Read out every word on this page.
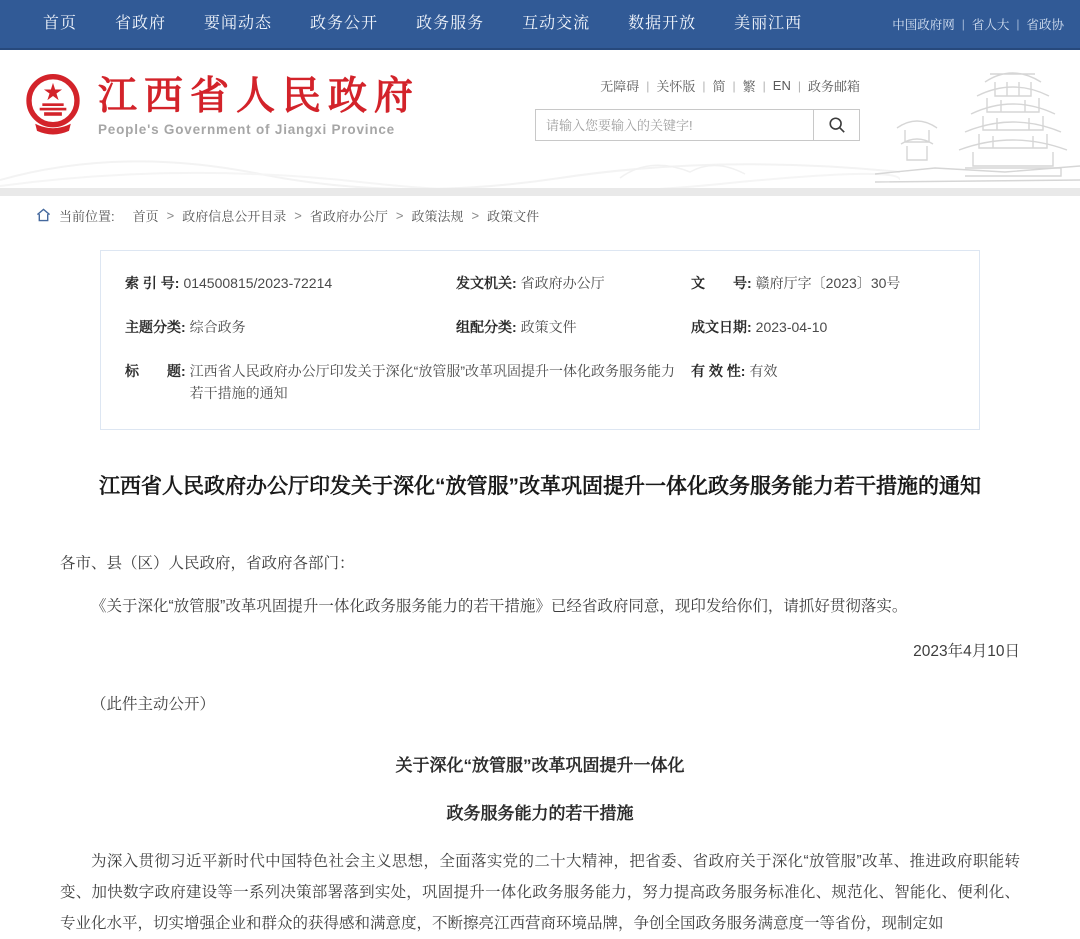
首页	省政府	要闻动态	政务公开	政务服务	互动交流	数据开放	美丽江西	中国政府网 | 省人大 | 省政协
江西省人民政府
People's Government of Jiangxi Province
无障碍 | 关怀版 | 简 | 繁 | EN | 政务邮箱
请输入您要输入的关键字!
当前位置: 首页 > 政府信息公开目录 > 省政府办公厅 > 政策法规 > 政策文件
索 引 号: 014500815/2023-72214	发文机关: 省政府办公厅	文　　号: 赣府厅字〔2023〕30号
主题分类: 综合政务	组配分类: 政策文件	成文日期: 2023-04-10
标　　题: 江西省人民政府办公厅印发关于深化“放管服”改革巩固提升一体化政务服务能力若干措施的通知
有 效 性: 有效
江西省人民政府办公厅印发关于深化“放管服”改革巩固提升一体化政务服务能力若干措施的通知

各市、县（区）人民政府，省政府各部门：

《关于深化“放管服”改革巩固提升一体化政务服务能力的若干措施》已经省政府同意，现印发给你们，请抓好贯彻落实。

2023年4月10日

（此件主动公开）

关于深化“放管服”改革巩固提升一体化
政务服务能力的若干措施

为深入贯彻习近平新时代中国特色社会主义思想，全面落实党的二十大精神，把省委、省政府关于深化“放管服”改革、推进政府职能转变、加快数字政府建设等一系列决策部署落到实处，巩固提升一体化政务服务能力，努力提高政务服务标准化、规范化、智能化、便利化、专业化水平，切实增强企业和群众的获得感和满意度，不断擦亮江西营商环境品牌，争创全国政务服务满意度一等省份，现制定如
